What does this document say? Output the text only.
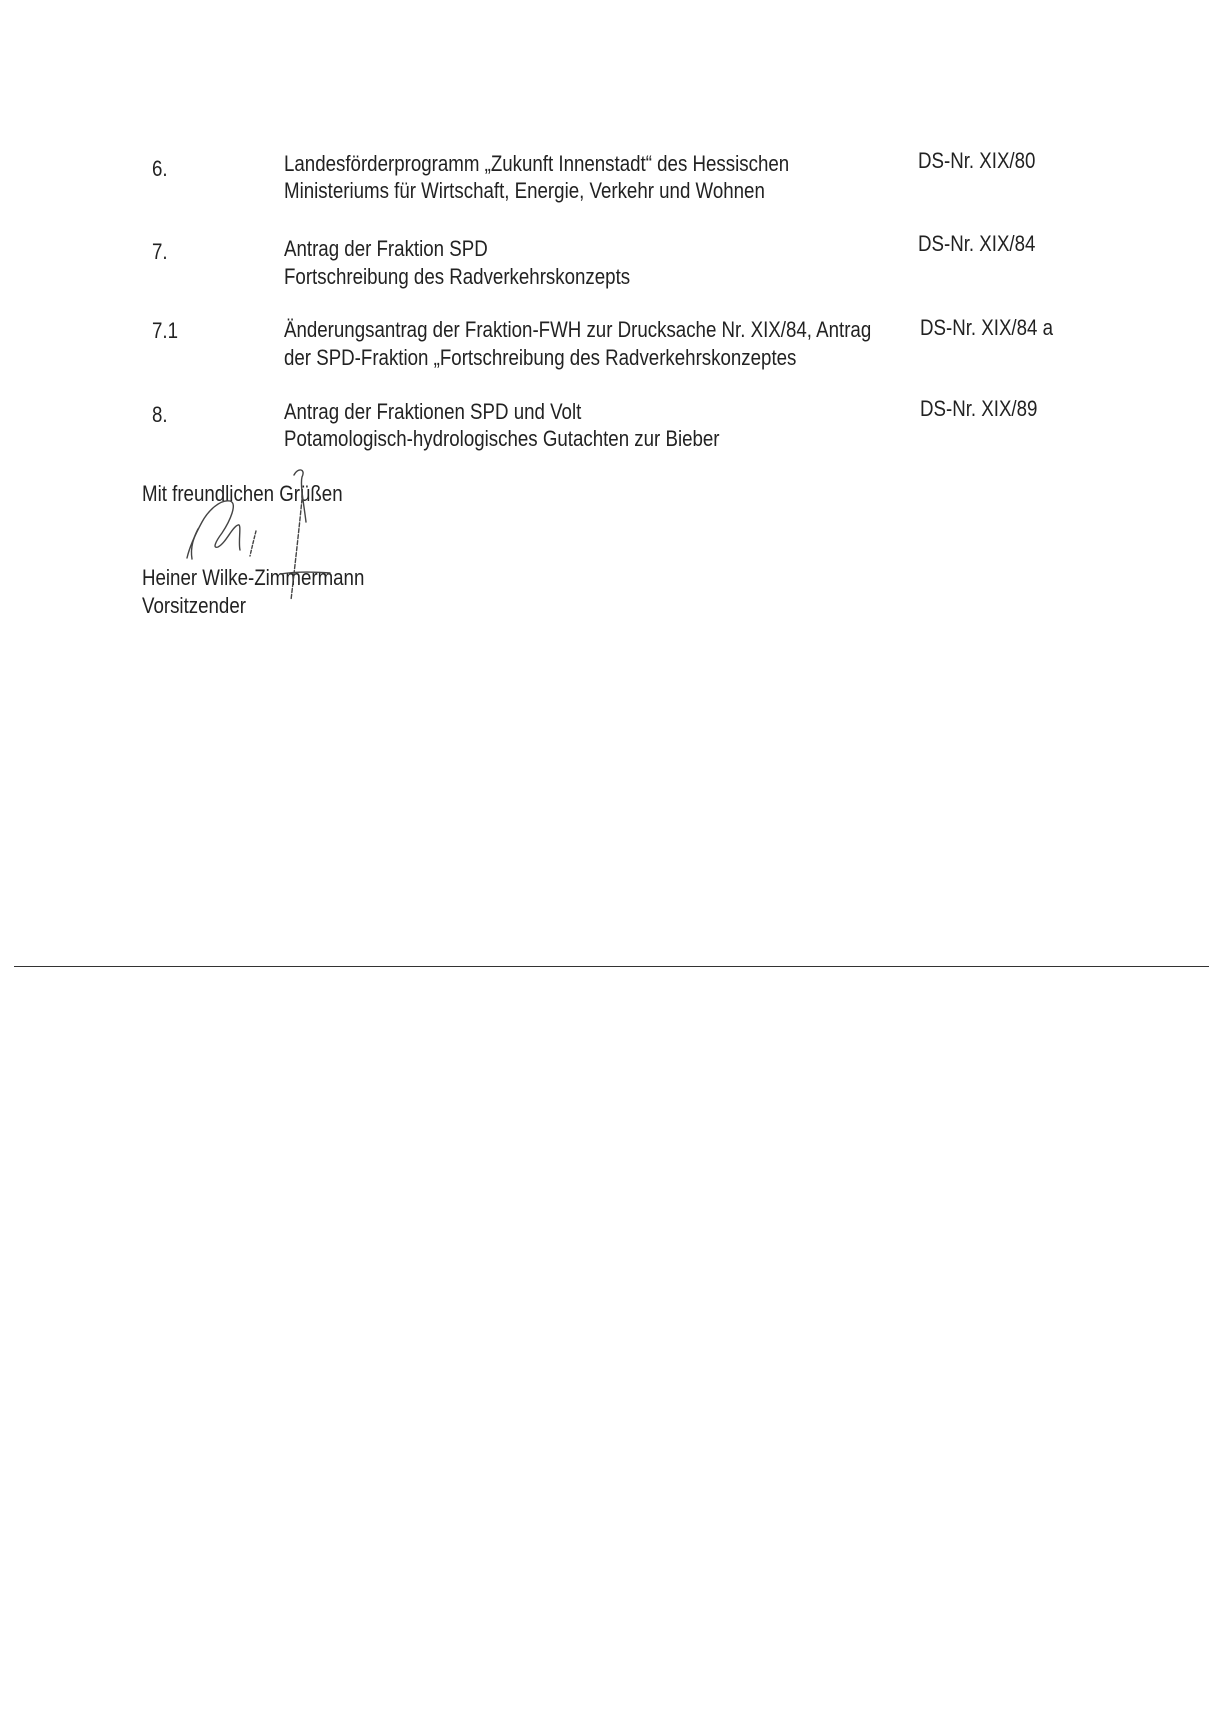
6.	Landesförderprogramm „Zukunft Innenstadt“ des Hessischen
Ministeriums für Wirtschaft, Energie, Verkehr und Wohnen
DS-Nr. XIX/80
7.	Antrag der Fraktion SPD
Fortschreibung des Radverkehrskonzepts
DS-Nr. XIX/84
7.1	Änderungsantrag der Fraktion-FWH zur Drucksache Nr. XIX/84, Antrag
der SPD-Fraktion „Fortschreibung des Radverkehrskonzeptes
DS-Nr. XIX/84 a
8.	Antrag der Fraktionen SPD und Volt
Potamologisch-hydrologisches Gutachten zur Bieber
DS-Nr. XIX/89
Mit freundlichen Grüßen
Heiner Wilke-Zimmermann
Vorsitzender
